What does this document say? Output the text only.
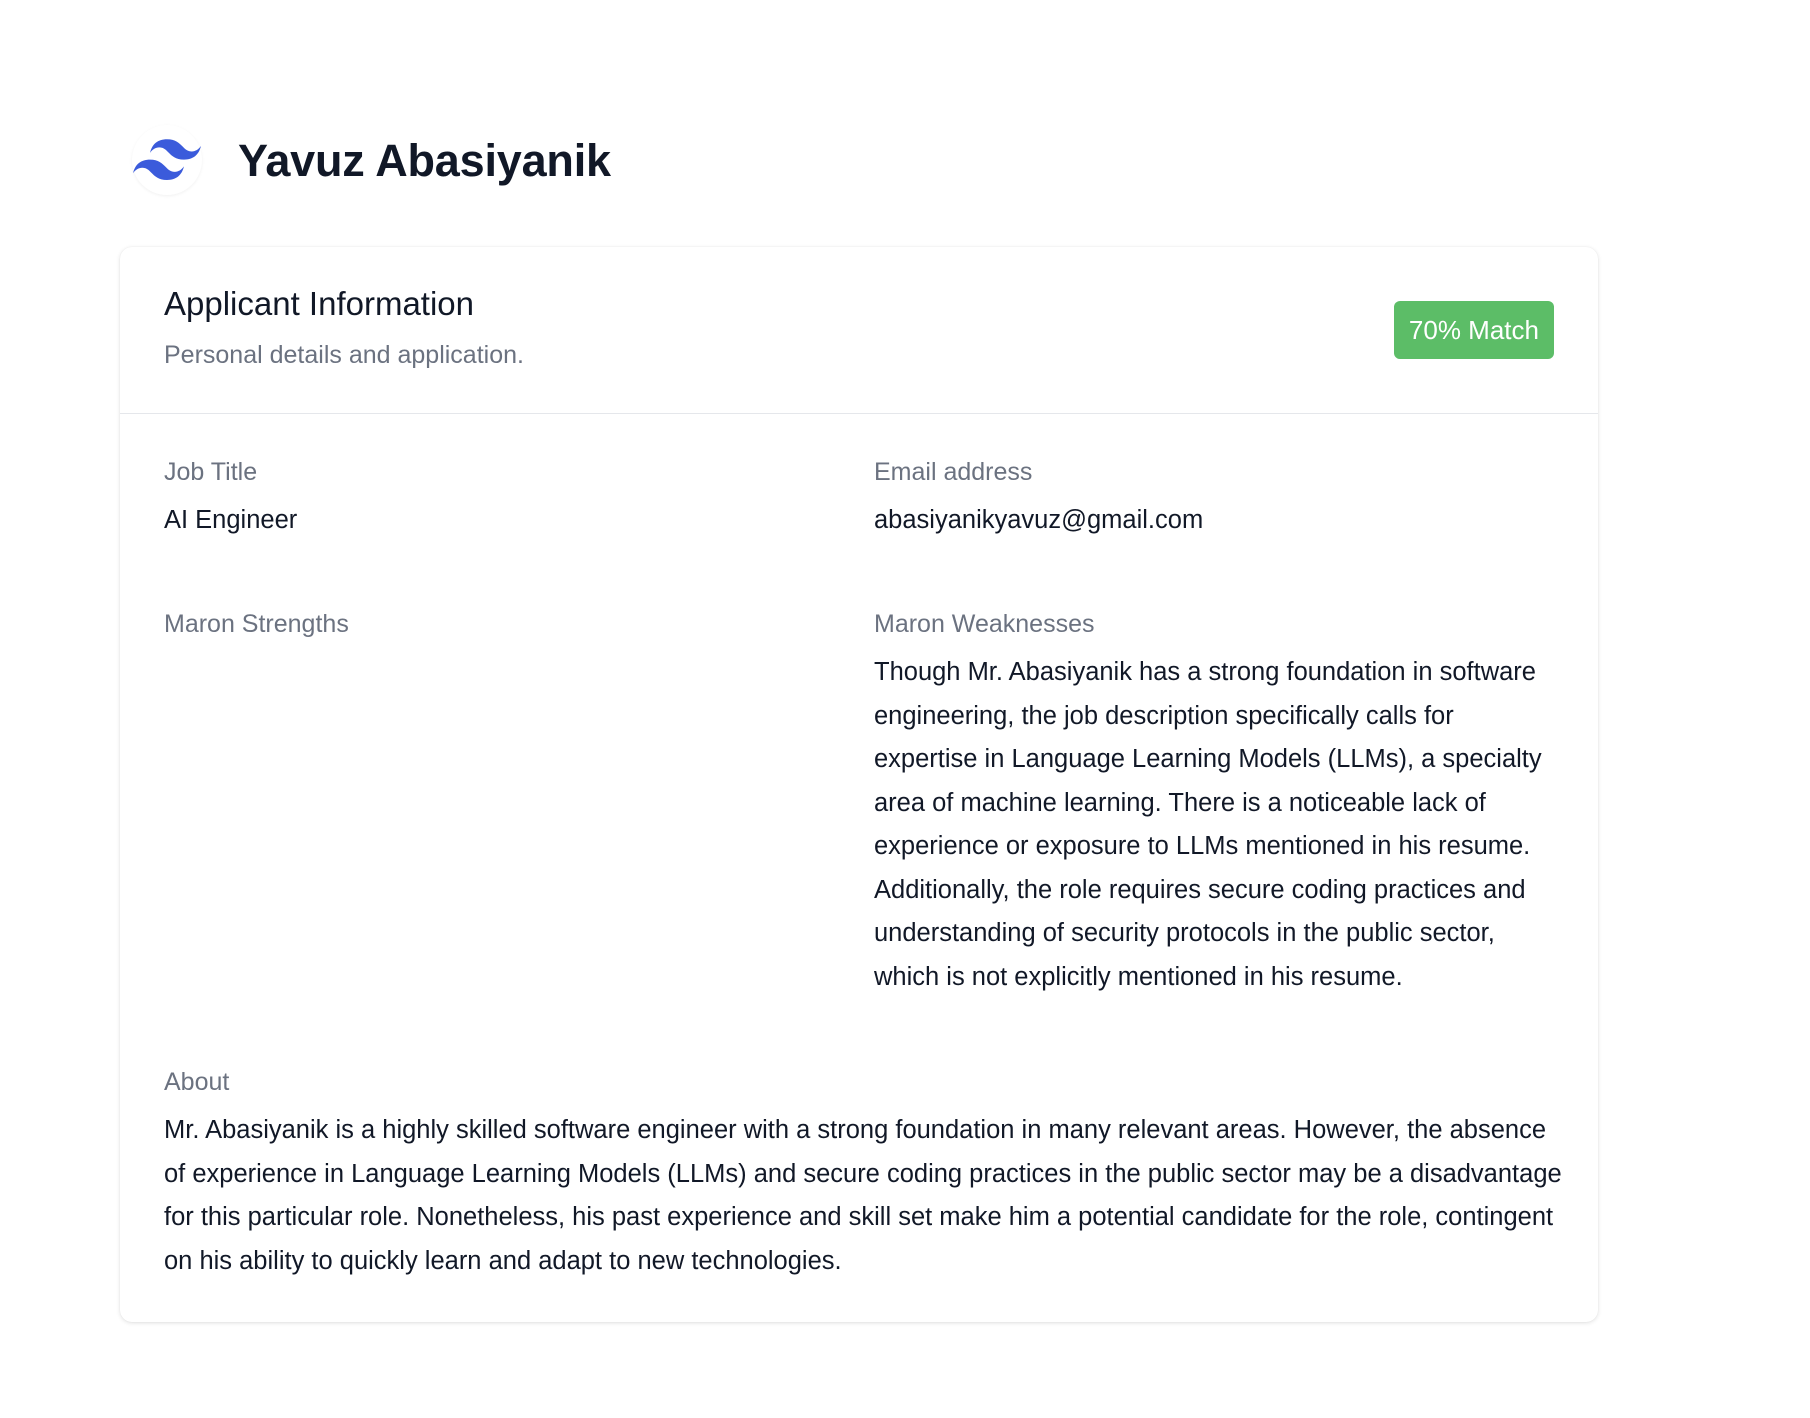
Yavuz Abasiyanik
Applicant Information
Personal details and application.
70% Match
Job Title
AI Engineer
Email address
abasiyanikyavuz@gmail.com
Maron Strengths	Maron Weaknesses
Though Mr. Abasiyanik has a strong foundation in software engineering, the job description specifically calls for expertise in Language Learning Models (LLMs), a specialty area of machine learning. There is a noticeable lack of experience or exposure to LLMs mentioned in his resume. Additionally, the role requires secure coding practices and understanding of security protocols in the public sector, which is not explicitly mentioned in his resume.
About
Mr. Abasiyanik is a highly skilled software engineer with a strong foundation in many relevant areas. However, the absence of experience in Language Learning Models (LLMs) and secure coding practices in the public sector may be a disadvantage for this particular role. Nonetheless, his past experience and skill set make him a potential candidate for the role, contingent on his ability to quickly learn and adapt to new technologies.
